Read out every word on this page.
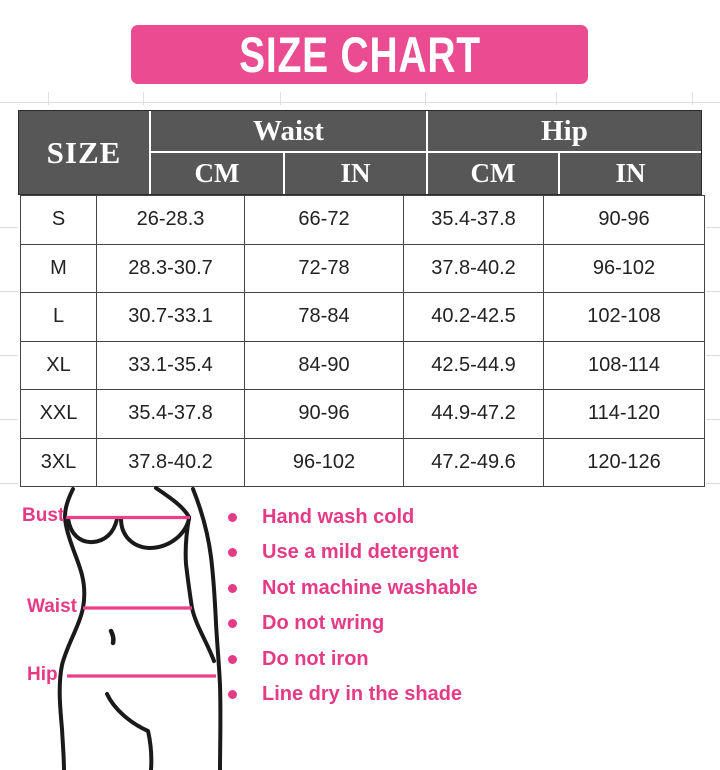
SIZE CHART
SIZE
Waist
CM	IN
Hip
CM	IN
S	26-28.3	66-72	35.4-37.8	90-96
M	28.3-30.7	72-78	37.8-40.2	96-102
L	30.7-33.1	78-84	40.2-42.5	102-108
XL	33.1-35.4	84-90	42.5-44.9	108-114
XXL	35.4-37.8	90-96	44.9-47.2	114-120
3XL	37.8-40.2	96-102	47.2-49.6	120-126
Bust
Waist
Hip
Hand wash cold
Use a mild detergent
Not machine washable
Do not wring
Do not iron
Line dry in the shade
